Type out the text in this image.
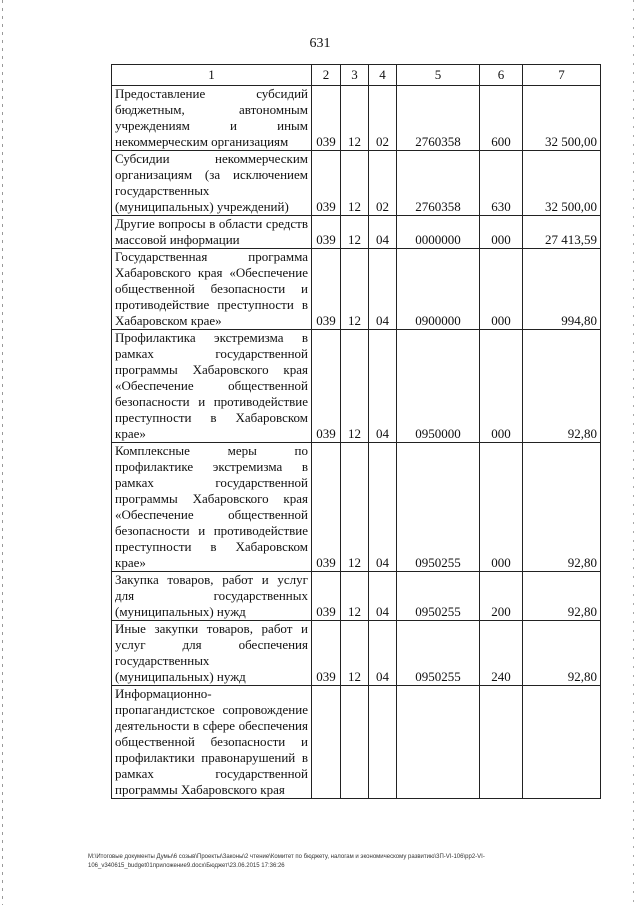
631
1	2	3	4	5	6	7
Предоставление субсидий бюджетным, автономным учреждениям и иным некоммерческим организациям	039	12	02	2760358	600	32 500,00
Субсидии некоммерческим организациям (за исключением государственных (муниципальных) учреждений)	039	12	02	2760358	630	32 500,00
Другие вопросы в области средств массовой информации	039	12	04	0000000	000	27 413,59
Государственная программа Хабаровского края «Обеспечение общественной безопасности и противодействие преступности в Хабаровском крае»	039	12	04	0900000	000	994,80
Профилактика экстремизма в рамках государственной программы Хабаровского края «Обеспечение общественной безопасности и противодействие преступности в Хабаровском крае»	039	12	04	0950000	000	92,80
Комплексные меры по профилактике экстремизма в рамках государственной программы Хабаровского края «Обеспечение общественной безопасности и противодействие преступности в Хабаровском крае»	039	12	04	0950255	000	92,80
Закупка товаров, работ и услуг для государственных (муниципальных) нужд	039	12	04	0950255	200	92,80
Иные закупки товаров, работ и услуг для обеспечения государственных (муниципальных) нужд	039	12	04	0950255	240	92,80
Информационно-пропагандистское сопровождение деятельности в сфере обеспечения общественной безопасности и профилактики правонарушений в рамках государственной программы Хабаровского края						
M:\Итоговые документы Думы\6 созыв\Проекты\Законы\2 чтение\Комитет по бюджету, налогам и экономическому развитию\3П-VI-106\pp2-VI-106_v340615_budget01приложение9.docx\Бюджет\23.06.2015 17:36:26
